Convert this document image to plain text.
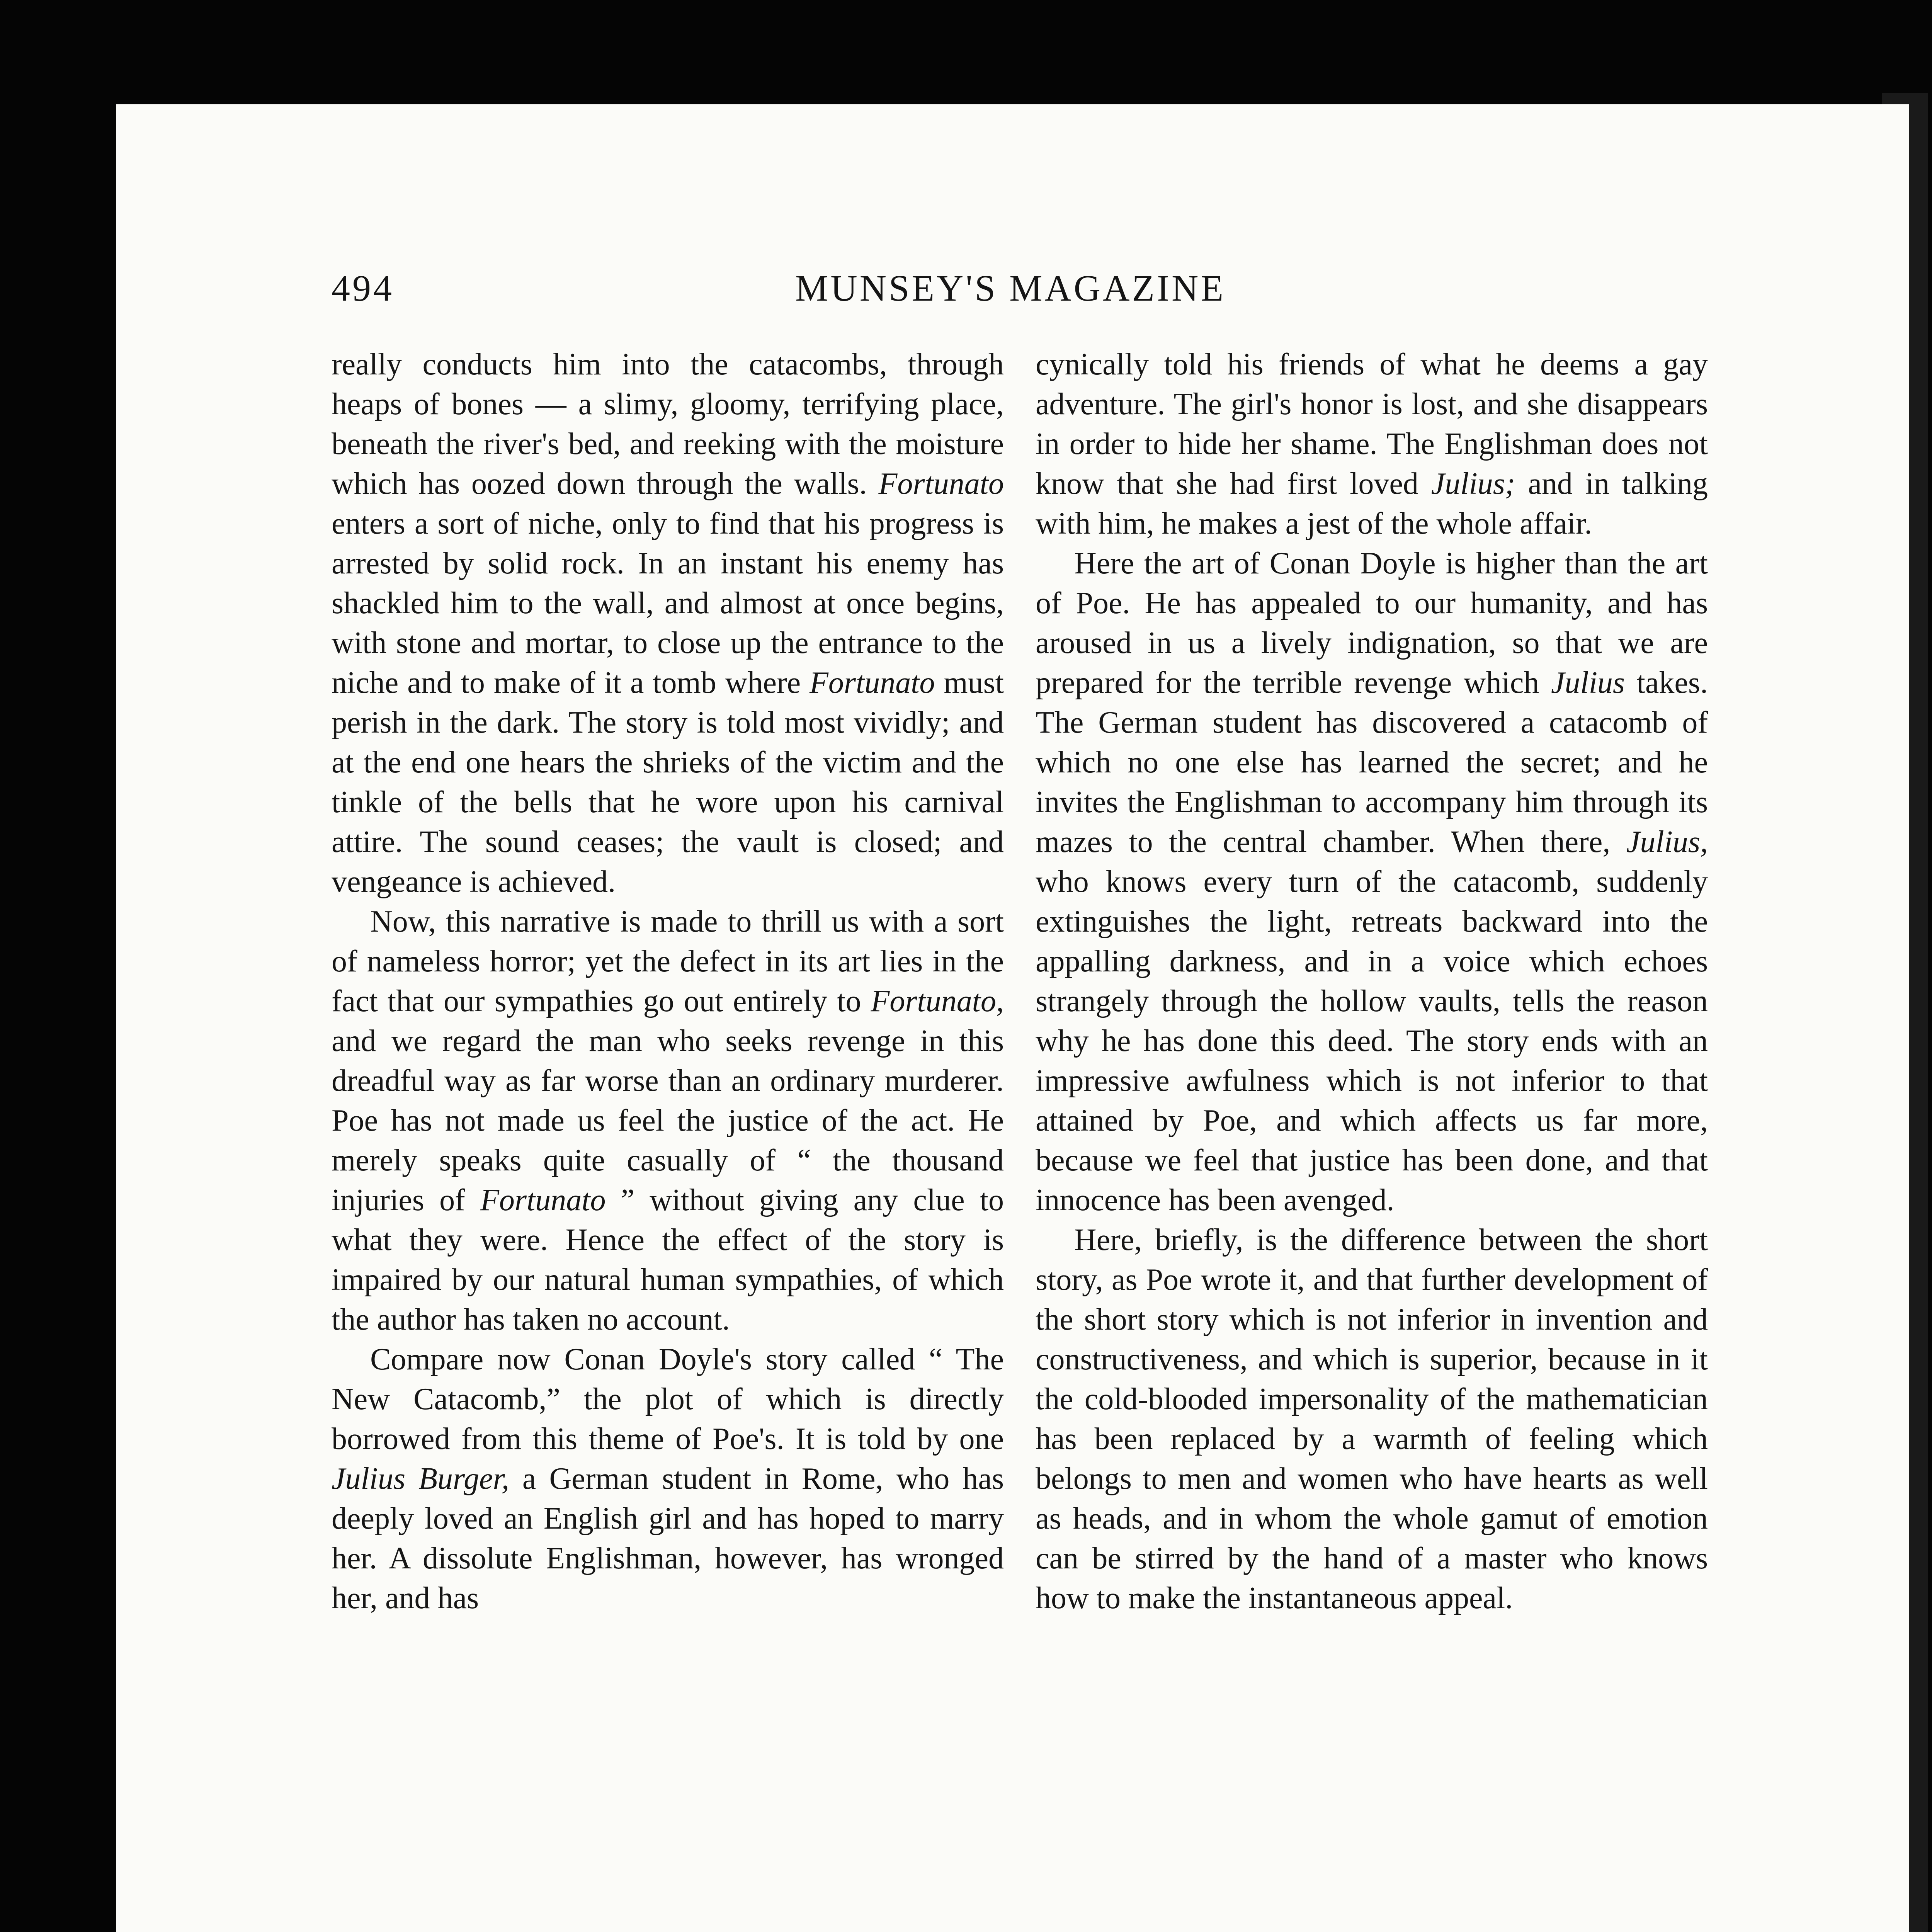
494	MUNSEY'S MAGAZINE

really conducts him into the catacombs, through heaps of bones — a slimy, gloomy, terrifying place, beneath the river's bed, and reeking with the moisture which has oozed down through the walls. Fortunato enters a sort of niche, only to find that his progress is arrested by solid rock. In an instant his enemy has shackled him to the wall, and almost at once begins, with stone and mortar, to close up the entrance to the niche and to make of it a tomb where Fortunato must perish in the dark. The story is told most vividly; and at the end one hears the shrieks of the victim and the tinkle of the bells that he wore upon his carnival attire. The sound ceases; the vault is closed; and vengeance is achieved.

Now, this narrative is made to thrill us with a sort of nameless horror; yet the defect in its art lies in the fact that our sympathies go out entirely to Fortunato, and we regard the man who seeks revenge in this dreadful way as far worse than an ordinary murderer. Poe has not made us feel the justice of the act. He merely speaks quite casually of “ the thousand injuries of Fortunato ” without giving any clue to what they were. Hence the effect of the story is impaired by our natural human sympathies, of which the author has taken no account.

Compare now Conan Doyle's story called “ The New Catacomb,” the plot of which is directly borrowed from this theme of Poe's. It is told by one Julius Burger, a German student in Rome, who has deeply loved an English girl and has hoped to marry her. A dissolute Englishman, however, has wronged her, and has

cynically told his friends of what he deems a gay adventure. The girl's honor is lost, and she disappears in order to hide her shame. The Englishman does not know that she had first loved Julius; and in talking with him, he makes a jest of the whole affair.

Here the art of Conan Doyle is higher than the art of Poe. He has appealed to our humanity, and has aroused in us a lively indignation, so that we are prepared for the terrible revenge which Julius takes. The German student has discovered a catacomb of which no one else has learned the secret; and he invites the Englishman to accompany him through its mazes to the central chamber. When there, Julius, who knows every turn of the catacomb, suddenly extinguishes the light, retreats backward into the appalling darkness, and in a voice which echoes strangely through the hollow vaults, tells the reason why he has done this deed. The story ends with an impressive awfulness which is not inferior to that attained by Poe, and which affects us far more, because we feel that justice has been done, and that innocence has been avenged.

Here, briefly, is the difference between the short story, as Poe wrote it, and that further development of the short story which is not inferior in invention and constructiveness, and which is superior, because in it the cold-blooded impersonality of the mathematician has been replaced by a warmth of feeling which belongs to men and women who have hearts as well as heads, and in whom the whole gamut of emotion can be stirred by the hand of a master who knows how to make the instantaneous appeal.
